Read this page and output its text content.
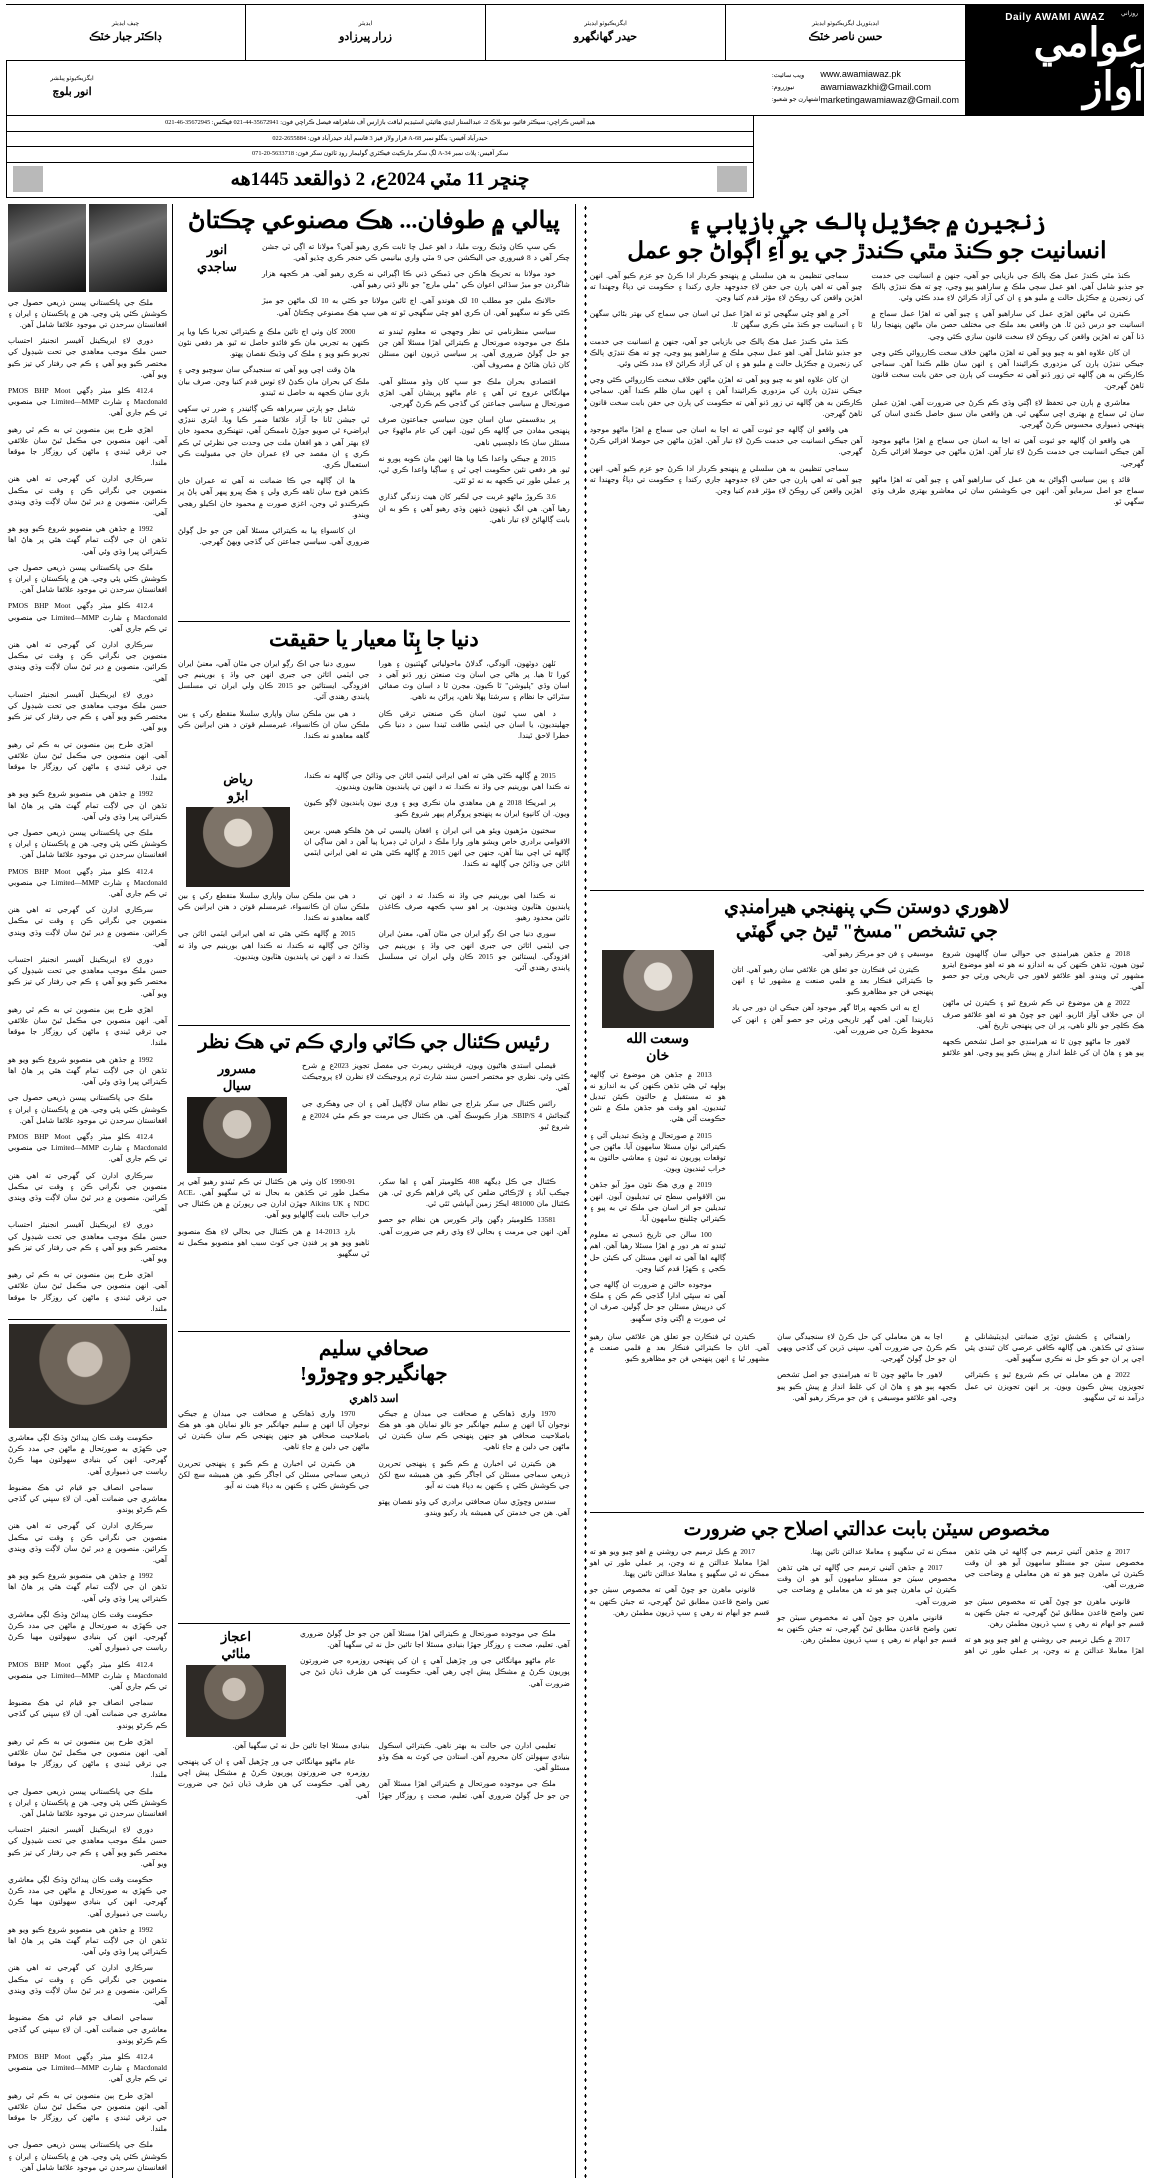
روزاني
Daily AWAMI AWAZ
عوامي آواز
ايڊيٽوريل ايگزيڪيوٽو ايڊيٽر
حسن ناصر خٽڪ
ايگزيڪيوٽو ايڊيٽر
حيدر گهانگهرو
ايڊيٽر
زرار پيرزادو
چيف ايڊيٽر
ڊاڪٽر جبار خٽڪ
www.awamiawaz.pk
awamiawazkhi@Gmail.com
marketingawamiawaz@Gmail.com
ويب سائيٽ:
نيوزروم:
اشتهارن جو شعبو:
ايگزيڪيوٽو پبلشر
انور بلوچ
هيڊ آفيس ڪراچي: سيڪٽر فائيو، نيو بلاڪ 2، عبدالستار ايڊي هائيٽي اسٽيڊيم لياقت بازارس آف شاهراهه فيصل ڪراچي فون: 35672941-44-021 فيڪس: 35672945-46-021
حيدرآباد آفيس: بنگلو نمبر 68-A قرار ولاز فيز 3 قاسم آباد حيدرآباد فون: 2655884-022
سکر آفيس: پلاٽ نمبر 34-A لڳ سکر مارڪيٽ فيڪٽري گوليمار روڊ ٽائون سکر فون: 5633718-20-071
چنڇر 11 مٽي 2024ع، 2 ذوالقعد 1445هه
زنجيرن ۾ جڪڙيل ٻالڪ جي بازيابي ۽
انسانيت جو ڪنڌ مٿي ڪندڙ جي يو آءِ اڳواڻ جو عمل

ڪنڌ مٿي ڪندڙ عمل هڪ ٻالڪ جي بازيابي جو آهي، جنهن ۾ انسانيت جي خدمت جو جذبو شامل آهي. اهو عمل سڄي ملڪ ۾ ساراهيو پيو وڃي، ڇو ته هڪ ننڍڙي ٻالڪ کي زنجيرن ۾ جڪڙيل حالت ۾ مليو هو ۽ ان کي آزاد ڪرائڻ لاءِ مدد ڪئي وئي.

ڪيترن ئي ماڻهن اهڙي عمل کي ساراهيو آهي ۽ چيو آهي ته اهڙا عمل سماج ۾ انسانيت جو درس ڏين ٿا. هن واقعي بعد ملڪ جي مختلف حصن مان ماڻهن پنهنجا رايا ڏنا آهن ته اهڙين واقعن کي روڪڻ لاءِ سخت قانون سازي ڪئي وڃي.

ان کان علاوه اهو به چيو ويو آهي ته اهڙن ماڻهن خلاف سخت ڪارروائي ڪئي وڃي جيڪي ننڍڙن ٻارن کي مزدوري ڪرائيندا آهن ۽ انهن سان ظلم ڪندا آهن. سماجي ڪارڪنن به هن ڳالهه تي زور ڏنو آهي ته حڪومت کي ٻارن جي حقن بابت سخت قانون ٺاهڻ گهرجن.

معاشري ۾ ٻارن جي تحفظ لاءِ اڳتي وڌي ڪم ڪرڻ جي ضرورت آهي. اهڙن عملن سان ئي سماج ۾ بهتري اچي سگهي ٿي. هن واقعي مان سبق حاصل ڪندي اسان کي پنهنجي ذميواري محسوس ڪرڻ گهرجي.

هي واقعو ان ڳالهه جو ثبوت آهي ته اڃا به اسان جي سماج ۾ اهڙا ماڻهو موجود آهن جيڪي انسانيت جي خدمت ڪرڻ لاءِ تيار آهن. اهڙن ماڻهن جي حوصلا افزائي ڪرڻ گهرجي.

قائد ۽ ٻين سياسي اڳواڻن به هن عمل کي ساراهيو آهي ۽ چيو آهي ته اهڙا ماڻهو سماج جو اصل سرمايو آهن. انهن جي ڪوششن سان ئي معاشرو بهتري طرف وڌي سگهي ٿو.

سماجي تنظيمن به هن سلسلي ۾ پنهنجو ڪردار ادا ڪرڻ جو عزم ڪيو آهي. انهن چيو آهي ته اهي ٻارن جي حقن لاءِ جدوجهد جاري رکندا ۽ حڪومت تي دٻاءُ وجهندا ته اهڙين واقعن کي روڪڻ لاءِ مؤثر قدم کنيا وڃن.

آخر ۾ اهو چئي سگهجي ٿو ته اهڙا عمل ئي اسان جي سماج کي بهتر بڻائي سگهن ٿا ۽ انسانيت جو ڪنڌ مٿي ڪري سگهن ٿا.

ڪنڌ مٿي ڪندڙ عمل هڪ ٻالڪ جي بازيابي جو آهي، جنهن ۾ انسانيت جي خدمت جو جذبو شامل آهي. اهو عمل سڄي ملڪ ۾ ساراهيو پيو وڃي، ڇو ته هڪ ننڍڙي ٻالڪ کي زنجيرن ۾ جڪڙيل حالت ۾ مليو هو ۽ ان کي آزاد ڪرائڻ لاءِ مدد ڪئي وئي.

ان کان علاوه اهو به چيو ويو آهي ته اهڙن ماڻهن خلاف سخت ڪارروائي ڪئي وڃي جيڪي ننڍڙن ٻارن کي مزدوري ڪرائيندا آهن ۽ انهن سان ظلم ڪندا آهن. سماجي ڪارڪنن به هن ڳالهه تي زور ڏنو آهي ته حڪومت کي ٻارن جي حقن بابت سخت قانون ٺاهڻ گهرجن.

هي واقعو ان ڳالهه جو ثبوت آهي ته اڃا به اسان جي سماج ۾ اهڙا ماڻهو موجود آهن جيڪي انسانيت جي خدمت ڪرڻ لاءِ تيار آهن. اهڙن ماڻهن جي حوصلا افزائي ڪرڻ گهرجي.

سماجي تنظيمن به هن سلسلي ۾ پنهنجو ڪردار ادا ڪرڻ جو عزم ڪيو آهي. انهن چيو آهي ته اهي ٻارن جي حقن لاءِ جدوجهد جاري رکندا ۽ حڪومت تي دٻاءُ وجهندا ته اهڙين واقعن کي روڪڻ لاءِ مؤثر قدم کنيا وڃن.

لاهوري دوستن ڪي پنهنجي هيرامنڊي
جي تشخص "مسخ" ٿيڻ جي گهٽي

2018 ۾ جڏهن هيرامنڊي جي حوالي سان ڳالهيون شروع ٿيون هيون، تڏهن ڪنهن کي به اندازو نه هو ته اهو موضوع ايترو مشهور ٿي ويندو. اهو علائقو لاهور جي تاريخي ورثي جو حصو آهي.

2022 ۾ هن موضوع تي ڪم شروع ٿيو ۽ ڪيترن ئي ماڻهن ان جي خلاف آواز اٿاريو. انهن جو چوڻ هو ته اهو علائقو صرف هڪ ڪلچر جو نالو ناهي، پر ان جي پنهنجي تاريخ آهي.

لاهور جا ماڻهو چون ٿا ته هيرامنڊي جو اصل تشخص ڪجهه ٻيو هو ۽ هاڻ ان کي غلط انداز ۾ پيش ڪيو پيو وڃي. اهو علائقو موسيقي ۽ فن جو مرڪز رهيو آهي.

ڪيترن ئي فنڪارن جو تعلق هن علائقي سان رهيو آهي. اتان جا ڪيترائي فنڪار بعد ۾ فلمي صنعت ۾ مشهور ٿيا ۽ انهن پنهنجي فن جو مظاهرو ڪيو.

اڄ به اتي ڪجهه پراڻا گهر موجود آهن جيڪي ان دور جي ياد ڏياريندا آهن. اهي گهر تاريخي ورثي جو حصو آهن ۽ انهن کي محفوظ ڪرڻ جي ضرورت آهي.

وسعت الله
خان

2013 ۾ جڏهن هن موضوع تي ڳالهه ٻولهه ٿي هئي تڏهن ڪنهن کي به اندازو نه هو ته مستقبل ۾ حالتون ڪيئن تبديل ٿينديون. اهو وقت هو جڏهن ملڪ ۾ نئين حڪومت آئي هئي.

2015 ۾ صورتحال ۾ وڌيڪ تبديلي آئي ۽ ڪيترائي نوان مسئلا سامهون آيا. ماڻهن جي توقعات پوريون نه ٿيون ۽ معاشي حالتون به خراب ٿينديون ويون.

2019 ۾ وري هڪ نئون موڙ آيو جڏهن بين الاقوامي سطح تي تبديليون آيون. انهن تبديلين جو اثر اسان جي ملڪ تي به پيو ۽ ڪيترائي چئلينج سامهون آيا.

100 سالن جي تاريخ ڏسجي ته معلوم ٿيندو ته هر دور ۾ اهڙا مسئلا رهيا آهن. اهم ڳالهه اها آهي ته انهن مسئلن کي ڪيئن حل ڪجي ۽ ڪهڙا قدم کنيا وڃن.

موجوده حالتن ۾ ضرورت ان ڳالهه جي آهي ته سڀئي ادارا گڏجي ڪم ڪن ۽ ملڪ کي درپيش مسئلن جو حل ڳولين. صرف ان ئي صورت ۾ اڳتي وڌي سگهبو.

راهنمائي ۽ ڪشش توڙي ضمانتي ايڊيٽيشانلي ۾ سنڌي ٿي ڪڏهن. هي ڳالهه ڪافي عرصي کان ٿيندي پئي اچي پر ان جو ڪو حل نه نڪري سگهيو آهي.

2022 ۾ هن معاملي تي ڪم شروع ٿيو ۽ ڪيترائي تجويزون پيش ڪيون ويون. پر انهن تجويزن تي عمل درآمد نه ٿي سگهيو.

اڃا به هن معاملي کي حل ڪرڻ لاءِ سنجيدگي سان ڪم ڪرڻ جي ضرورت آهي. سڀني ڌرين کي گڏجي ويهي ان جو حل ڳولڻ گهرجي.

لاهور جا ماڻهو چون ٿا ته هيرامنڊي جو اصل تشخص ڪجهه ٻيو هو ۽ هاڻ ان کي غلط انداز ۾ پيش ڪيو پيو وڃي. اهو علائقو موسيقي ۽ فن جو مرڪز رهيو آهي.

ڪيترن ئي فنڪارن جو تعلق هن علائقي سان رهيو آهي. اتان جا ڪيترائي فنڪار بعد ۾ فلمي صنعت ۾ مشهور ٿيا ۽ انهن پنهنجي فن جو مظاهرو ڪيو.

مخصوص سيٽن بابت عدالتي اصلاح جي ضرورت

2017 ۾ جڏهن آئيني ترميم جي ڳالهه ٿي هئي تڏهن مخصوص سيٽن جو مسئلو سامهون آيو هو. ان وقت ڪيترن ئي ماهرن چيو هو ته هن معاملي ۾ وضاحت جي ضرورت آهي.

قانوني ماهرن جو چوڻ آهي ته مخصوص سيٽن جو تعين واضح قاعدن مطابق ٿيڻ گهرجي، ته جيئن ڪنهن به قسم جو ابهام نه رهي ۽ سڀ ڌريون مطمئن رهن.

2017 ۾ ڪيل ترميم جي روشني ۾ اهو چيو ويو هو ته اهڙا معاملا عدالتن ۾ نه وڃن، پر عملي طور تي اهو ممڪن نه ٿي سگهيو ۽ معاملا عدالتن تائين پهتا.

2017 ۾ جڏهن آئيني ترميم جي ڳالهه ٿي هئي تڏهن مخصوص سيٽن جو مسئلو سامهون آيو هو. ان وقت ڪيترن ئي ماهرن چيو هو ته هن معاملي ۾ وضاحت جي ضرورت آهي.

قانوني ماهرن جو چوڻ آهي ته مخصوص سيٽن جو تعين واضح قاعدن مطابق ٿيڻ گهرجي، ته جيئن ڪنهن به قسم جو ابهام نه رهي ۽ سڀ ڌريون مطمئن رهن.

2017 ۾ ڪيل ترميم جي روشني ۾ اهو چيو ويو هو ته اهڙا معاملا عدالتن ۾ نه وڃن، پر عملي طور تي اهو ممڪن نه ٿي سگهيو ۽ معاملا عدالتن تائين پهتا.

قانوني ماهرن جو چوڻ آهي ته مخصوص سيٽن جو تعين واضح قاعدن مطابق ٿيڻ گهرجي، ته جيئن ڪنهن به قسم جو ابهام نه رهي ۽ سڀ ڌريون مطمئن رهن.

پيالي ۾ طوفان... هڪ مصنوعي چڪتاڻ

ڪي سڀ ڪان وڏيڪ روت مليا، د اهو عمل چا ثابت ڪري رهيو آهي؟ مولانا ته اڳي ٽي جشن چڪر آهي د 8 فيبروري جي اليڪشن جي 9 مٽي واري بيانيمي ڪي خنجر ڪري چڏيو آهي.

خود مولانا به تحريڪ هاڪن جي ڌمڪي ڏني ڪا اڳيرائي نه ڪري رهيو آهي. هر ڪجهه هزار شاگردن جو ميڙ سڏائي اعوان ڪي "ملي مارچ" جو نالو ڏني رهيو آهي.

حالانڪ ملين جو مطلب 10 لک هوندو آهي. اڄ ٿائين مولانا جو ڪٿي به 10 لک ماڻهن جو ميڙ ڪٿي ڪو نه سگهيو آهي. ان ڪري اهو چئي سگهجي ٿو ته هي سڀ هڪ مصنوعي چڪتاڻ آهي.

انور
ساجدي

سياسي منظرنامي تي نظر وجهجي ته معلوم ٿيندو ته ملڪ جي موجوده صورتحال ۾ ڪيترائي اهڙا مسئلا آهن جن جو حل ڳولڻ ضروري آهي. پر سياسي ڌريون انهن مسئلن کان ڌيان هٽائڻ ۾ مصروف آهن.

اقتصادي بحران ملڪ جو سڀ کان وڏو مسئلو آهي. مهانگائي عروج تي آهي ۽ عام ماڻهو پريشان آهي. اهڙي صورتحال ۾ سياسي جماعتن کي گڏجي ڪم ڪرڻ گهرجي.

پر بدقسمتي سان اسان جون سياسي جماعتون صرف پنهنجي مفادن جي ڳالهه ڪن ٿيون. انهن کي عام ماڻهوءَ جي مسئلن سان ڪا دلچسپي ناهي.

2015 ۾ جيڪي واعدا ڪيا ويا هئا انهن مان ڪوبه پورو نه ٿيو. هر دفعي نئين حڪومت اچي ٿي ۽ ساڳيا واعدا ڪري ٿي، پر عملي طور تي ڪجهه به نه ٿو ٿئي.

3.6 ڪروڙ ماڻهو غربت جي لڪير کان هيٺ زندگي گذاري رهيا آهن. هي انگ ڏينهون ڏينهن وڌي رهيو آهي ۽ ڪو به ان بابت ڳالهائڻ لاءِ تيار ناهي.

2000 کان وٺي اڄ تائين ملڪ ۾ ڪيترائي تجربا ڪيا ويا پر ڪنهن به تجربي مان ڪو فائدو حاصل نه ٿيو. هر دفعي نئون تجربو ڪيو ويو ۽ ملڪ کي وڌيڪ نقصان پهتو.

هاڻ وقت اچي ويو آهي ته سنجيدگي سان سوچيو وڃي ۽ ملڪ کي بحران مان ڪڍڻ لاءِ ٺوس قدم کنيا وڃن. صرف بيان بازي سان ڪجهه به حاصل نه ٿيندو.

شامل جو ٻارتي سربراهه ڪي ڳائيندر ۽ ضرر تي سکهي ٿي جيشن ٿانا جا آزاد علائقا ضمر ڪيا ويا. ايٽري ننڍڙي اپراضيء ٿي صويو جوڙڻ ناممڪن آهي، تنهنڪري محمود خان لاءِ بهتر آهي د هو افغان ملت جي وحدت جي نظرئي ٿي ڪم ڪري ۽ ان مقصد جي لاءِ عمران خان جي مقبوليت ڪي استعمال ڪري.

ها ان ڳالهه جي ڪا ضمانت نه آهي ته عمران خان ڪڏهن فوج سان ٺاهه ڪري ولي ۽ هڪ ڀيرو ڀيهر آهي ٻاڻ پر ڪيرڪندو ٿي وجن، اغزي صورت ۾ محمود خان اڪيلو رهجي ويندو.

ان کانسواءِ ٻيا به ڪيترائي مسئلا آهن جن جو حل ڳولڻ ضروري آهي. سياسي جماعتن کي گڏجي ويهڻ گهرجي.

دنيا جا ٻِٽا معيار يا حقيقت

ٽلهن دوٽهون، آلودگي، گدلاڻ ماحولياتي گهٽتيون ۽ هورا کورا ٿا هيا. پر هاڻي جي اسان وٽ صنعتن زور ڏنو آهي د اسان وڏي "پليوشن" ٿا ڪيون. مجرن ٿا د اسان وٽ صفائي سٿرائي جا نظام ۽ سرشتا پهلا ناهن، پراڻن به ناهي.

د اهي سڀ ٿيون اسان ڪي صنعتي ترقي ڪان جهلينديون، يا اسان جي ايٽمي طاقت ٿيندا سين د دنيا ڪي خطرا لاحق ٿيندا.

سوري دنيا جي اڪ رڳو ايران جي مٿان آهي، معنيٰ ايران جي ايٽمي اثاثن جي جبري انهن جي واڌ ۽ بورينيم جي افزودگي. ايستائين جو 2015 ڪان ولي ايران تي مسلسل پابندي رهندي آئي.

د هي بين ملڪن سان واپاري سلسلا منقطع رکي ۽ بين ملڪن سان ان ڪانسواء، غيرمسلم قوتن د هنن ايرانين ڪي گاهه معاهدو نه ڪندا.

2015 ۾ ڳالهه ڪٿي هئي ته اهي ايراني ايٽمي اثاثن جي وڌائڻ جي ڳالهه نه ڪندا، نه ڪندا اهي بورينيم جي واڌ نه ڪندا. ته د انهن تي پابنديون هٽايون وينديون.

پر امريڪا 2018 ۾ هن معاهدي مان نڪري ويو ۽ وري نيون پابنديون لاڳو ڪيون ويون. ان کانپوءِ ايران به پنهنجو پروگرام ٻيهر شروع ڪيو.

سختيون مڙهيون ويئو هي اني ايران ۽ افغان ٻاليسي ٿي هڻ هلڪو هيس. بربين الاقوامي برادري خاص ويشو هاور وارا ملڪ د ايران ٿي ڊمريا پيا آهن د اهن ساڳي ان ڳالهه ٿي اچي بيٺا آهن، جنهن جي انهن 2015 ۾ ڳالهه ڪٿي هئي ته اهي ايراني ايٽمي اثاثن جي وڌائڻ جي ڳالهه نه ڪندا.

رياض
ابڙو

نه ڪندا اهي بورينيم جي واڌ نه ڪندا. ته د انهن تي پابنديون هٽايون وينديون. پر اهو سڀ ڪجهه صرف ڪاغذن تائين محدود رهيو.

سوري دنيا جي اڪ رڳو ايران جي مٿان آهي، معنيٰ ايران جي ايٽمي اثاثن جي جبري انهن جي واڌ ۽ بورينيم جي افزودگي. ايستائين جو 2015 ڪان ولي ايران تي مسلسل پابندي رهندي آئي.

د هي بين ملڪن سان واپاري سلسلا منقطع رکي ۽ بين ملڪن سان ان ڪانسواء، غيرمسلم قوتن د هنن ايرانين ڪي گاهه معاهدو نه ڪندا.

2015 ۾ ڳالهه ڪٿي هئي ته اهي ايراني ايٽمي اثاثن جي وڌائڻ جي ڳالهه نه ڪندا، نه ڪندا اهي بورينيم جي واڌ نه ڪندا. ته د انهن تي پابنديون هٽايون وينديون.

رئيس ڪئنال جي ڪاٽي واري ڪم تي هڪ نظر

قيصلي استدي هاڻيون ويون، قريشني ريمرٽ جي مفصل تجويز 2023ع ۾ شرح ڪئي وئي. نظري جو مختصر احسن سند شارٽ ٽرم پروجيڪٽ لاءِ نظرن لاءِ پروجيڪٽ آهي.

رائس ڪئنال جي سکر بئراج جي نظام سان لاڳاپيل آهي ۽ ان جي وهڪري جي گنجائش 4 SBIP/S. هزار ڪيوسڪ آهي. هن ڪئنال جي مرمت جو ڪم مئي 2024ع ۾ شروع ٿيو.

مسرور
سيال

ڪئنال جي ڪل ڊيگهه 408 ڪلوميٽر آهي ۽ اها سکر، جيڪب آباد ۽ لاڙڪاڻي ضلعن کي پاڻي فراهم ڪري ٿي. هن ڪئنال مان 481000 ايڪڙ زمين آبپاشي ٿئي ٿي.

13581 ڪلوميٽر ڊگهن واٽر ڪورس هن نظام جو حصو آهن. انهن جي مرمت ۽ بحالي لاءِ وڏي رقم جي ضرورت آهي.

1990-91 کان وٺي هن ڪئنال تي ڪم ٿيندو رهيو آهي پر مڪمل طور تي ڪڏهن به بحال نه ٿي سگهيو آهي. ACE، NDC ۽ Aikins UK جهڙن ادارن جي رپورٽن ۾ هن ڪئنال جي خراب حالت بابت ڳالهايو ويو آهي.

بارڊ 2013-14 ۾ هن ڪئنال جي بحالي لاءِ هڪ منصوبو ٺاهيو ويو هو پر فنڊن جي کوٽ سبب اهو منصوبو مڪمل نه ٿي سگهيو.

صحافي سليم
جهانگيرجو وڇوڙو!
اسد ڌاهري

1970 واري ڏهاڪي ۾ صحافت جي ميدان ۾ جيڪي نوجوان آيا انهن ۾ سليم جهانگير جو نالو نمايان هو. هو هڪ باصلاحيت صحافي هو جنهن پنهنجي ڪم سان ڪيترن ئي ماڻهن جي دلين ۾ جاءِ ٺاهي.

هن ڪيترن ئي اخبارن ۾ ڪم ڪيو ۽ پنهنجي تحريرن ذريعي سماجي مسئلن کي اجاگر ڪيو. هن هميشه سچ لکڻ جي ڪوشش ڪئي ۽ ڪنهن به دٻاءَ هيٺ نه آيو.

سندس وڇوڙي سان صحافتي برادري کي وڏو نقصان پهتو آهي. هن جي خدمتن کي هميشه ياد رکيو ويندو.

1970 واري ڏهاڪي ۾ صحافت جي ميدان ۾ جيڪي نوجوان آيا انهن ۾ سليم جهانگير جو نالو نمايان هو. هو هڪ باصلاحيت صحافي هو جنهن پنهنجي ڪم سان ڪيترن ئي ماڻهن جي دلين ۾ جاءِ ٺاهي.

هن ڪيترن ئي اخبارن ۾ ڪم ڪيو ۽ پنهنجي تحريرن ذريعي سماجي مسئلن کي اجاگر ڪيو. هن هميشه سچ لکڻ جي ڪوشش ڪئي ۽ ڪنهن به دٻاءَ هيٺ نه آيو.

ملڪ جي موجوده صورتحال ۾ ڪيترائي اهڙا مسئلا آهن جن جو حل ڳولڻ ضروري آهي. تعليم، صحت ۽ روزگار جهڙا بنيادي مسئلا اڃا تائين حل نه ٿي سگهيا آهن.

عام ماڻهو مهانگائي جي ور چڙهيل آهي ۽ ان کي پنهنجي روزمره جي ضرورتون پوريون ڪرڻ ۾ مشڪل پيش اچي رهي آهي. حڪومت کي هن طرف ڌيان ڏيڻ جي ضرورت آهي.

اعجاز
منٰائي

تعليمي ادارن جي حالت به بهتر ناهي. ڪيترائي اسڪول بنيادي سهولتن کان محروم آهن. استادن جي کوٽ به هڪ وڏو مسئلو آهي.

ملڪ جي موجوده صورتحال ۾ ڪيترائي اهڙا مسئلا آهن جن جو حل ڳولڻ ضروري آهي. تعليم، صحت ۽ روزگار جهڙا بنيادي مسئلا اڃا تائين حل نه ٿي سگهيا آهن.

عام ماڻهو مهانگائي جي ور چڙهيل آهي ۽ ان کي پنهنجي روزمره جي ضرورتون پوريون ڪرڻ ۾ مشڪل پيش اچي رهي آهي. حڪومت کي هن طرف ڌيان ڏيڻ جي ضرورت آهي.

ملڪ جي پاڪستاني پيسن ذريعي حصول جي ڪوشش ڪئي پئي وڃي. هن ۾ پاڪستان ۽ ايران ۽ افغانستان سرحدن تي موجود علائقا شامل آهن.

دوري لاءِ ايريڪينل آفيسر انجنيئر احتساب حسن ملڪ موجب معاهدي جي تحت شيڊول کي مختصر ڪيو ويو آهي ۽ ڪم جي رفتار کي تيز ڪيو ويو آهي.

412.4 ڪلو ميٽر ڊگهي PMOS BHP Moot Macdonald ۽ شارٽ Limited—MMP جي منصوبي تي ڪم جاري آهي.

اهڙي طرح ٻين منصوبن تي به ڪم ٿي رهيو آهي. انهن منصوبن جي مڪمل ٿيڻ سان علائقي جي ترقي ٿيندي ۽ ماڻهن کي روزگار جا موقعا ملندا.

سرڪاري ادارن کي گهرجي ته اهي هنن منصوبن جي نگراني ڪن ۽ وقت تي مڪمل ڪرائين. منصوبن ۾ دير ٿيڻ سان لاڳت وڌي ويندي آهي.

1992 ۾ جڏهن هي منصوبو شروع ڪيو ويو هو تڏهن ان جي لاڳت تمام گهٽ هئي پر هاڻ اها ڪيترائي ڀيرا وڌي وئي آهي.

ملڪ جي پاڪستاني پيسن ذريعي حصول جي ڪوشش ڪئي پئي وڃي. هن ۾ پاڪستان ۽ ايران ۽ افغانستان سرحدن تي موجود علائقا شامل آهن.

412.4 ڪلو ميٽر ڊگهي PMOS BHP Moot Macdonald ۽ شارٽ Limited—MMP جي منصوبي تي ڪم جاري آهي.

سرڪاري ادارن کي گهرجي ته اهي هنن منصوبن جي نگراني ڪن ۽ وقت تي مڪمل ڪرائين. منصوبن ۾ دير ٿيڻ سان لاڳت وڌي ويندي آهي.

دوري لاءِ ايريڪينل آفيسر انجنيئر احتساب حسن ملڪ موجب معاهدي جي تحت شيڊول کي مختصر ڪيو ويو آهي ۽ ڪم جي رفتار کي تيز ڪيو ويو آهي.

اهڙي طرح ٻين منصوبن تي به ڪم ٿي رهيو آهي. انهن منصوبن جي مڪمل ٿيڻ سان علائقي جي ترقي ٿيندي ۽ ماڻهن کي روزگار جا موقعا ملندا.

1992 ۾ جڏهن هي منصوبو شروع ڪيو ويو هو تڏهن ان جي لاڳت تمام گهٽ هئي پر هاڻ اها ڪيترائي ڀيرا وڌي وئي آهي.

ملڪ جي پاڪستاني پيسن ذريعي حصول جي ڪوشش ڪئي پئي وڃي. هن ۾ پاڪستان ۽ ايران ۽ افغانستان سرحدن تي موجود علائقا شامل آهن.

412.4 ڪلو ميٽر ڊگهي PMOS BHP Moot Macdonald ۽ شارٽ Limited—MMP جي منصوبي تي ڪم جاري آهي.

سرڪاري ادارن کي گهرجي ته اهي هنن منصوبن جي نگراني ڪن ۽ وقت تي مڪمل ڪرائين. منصوبن ۾ دير ٿيڻ سان لاڳت وڌي ويندي آهي.

دوري لاءِ ايريڪينل آفيسر انجنيئر احتساب حسن ملڪ موجب معاهدي جي تحت شيڊول کي مختصر ڪيو ويو آهي ۽ ڪم جي رفتار کي تيز ڪيو ويو آهي.

اهڙي طرح ٻين منصوبن تي به ڪم ٿي رهيو آهي. انهن منصوبن جي مڪمل ٿيڻ سان علائقي جي ترقي ٿيندي ۽ ماڻهن کي روزگار جا موقعا ملندا.

1992 ۾ جڏهن هي منصوبو شروع ڪيو ويو هو تڏهن ان جي لاڳت تمام گهٽ هئي پر هاڻ اها ڪيترائي ڀيرا وڌي وئي آهي.

ملڪ جي پاڪستاني پيسن ذريعي حصول جي ڪوشش ڪئي پئي وڃي. هن ۾ پاڪستان ۽ ايران ۽ افغانستان سرحدن تي موجود علائقا شامل آهن.

412.4 ڪلو ميٽر ڊگهي PMOS BHP Moot Macdonald ۽ شارٽ Limited—MMP جي منصوبي تي ڪم جاري آهي.

سرڪاري ادارن کي گهرجي ته اهي هنن منصوبن جي نگراني ڪن ۽ وقت تي مڪمل ڪرائين. منصوبن ۾ دير ٿيڻ سان لاڳت وڌي ويندي آهي.

دوري لاءِ ايريڪينل آفيسر انجنيئر احتساب حسن ملڪ موجب معاهدي جي تحت شيڊول کي مختصر ڪيو ويو آهي ۽ ڪم جي رفتار کي تيز ڪيو ويو آهي.

اهڙي طرح ٻين منصوبن تي به ڪم ٿي رهيو آهي. انهن منصوبن جي مڪمل ٿيڻ سان علائقي جي ترقي ٿيندي ۽ ماڻهن کي روزگار جا موقعا ملندا.

حڪومت وقت ڪان پيدائڻ وڌڪ لڳي معاشري جي ڪهڙي به صورتحال ۾ ماڻهن جي مدد ڪرڻ گهرجي. انهن کي بنيادي سهولتون مهيا ڪرڻ رياست جي ذميواري آهي.

سماجي انصاف جو قيام ئي هڪ مضبوط معاشري جي ضمانت آهي. ان لاءِ سڀني کي گڏجي ڪم ڪرڻو پوندو.

سرڪاري ادارن کي گهرجي ته اهي هنن منصوبن جي نگراني ڪن ۽ وقت تي مڪمل ڪرائين. منصوبن ۾ دير ٿيڻ سان لاڳت وڌي ويندي آهي.

1992 ۾ جڏهن هي منصوبو شروع ڪيو ويو هو تڏهن ان جي لاڳت تمام گهٽ هئي پر هاڻ اها ڪيترائي ڀيرا وڌي وئي آهي.

حڪومت وقت ڪان پيدائڻ وڌڪ لڳي معاشري جي ڪهڙي به صورتحال ۾ ماڻهن جي مدد ڪرڻ گهرجي. انهن کي بنيادي سهولتون مهيا ڪرڻ رياست جي ذميواري آهي.

412.4 ڪلو ميٽر ڊگهي PMOS BHP Moot Macdonald ۽ شارٽ Limited—MMP جي منصوبي تي ڪم جاري آهي.

سماجي انصاف جو قيام ئي هڪ مضبوط معاشري جي ضمانت آهي. ان لاءِ سڀني کي گڏجي ڪم ڪرڻو پوندو.

اهڙي طرح ٻين منصوبن تي به ڪم ٿي رهيو آهي. انهن منصوبن جي مڪمل ٿيڻ سان علائقي جي ترقي ٿيندي ۽ ماڻهن کي روزگار جا موقعا ملندا.

ملڪ جي پاڪستاني پيسن ذريعي حصول جي ڪوشش ڪئي پئي وڃي. هن ۾ پاڪستان ۽ ايران ۽ افغانستان سرحدن تي موجود علائقا شامل آهن.

دوري لاءِ ايريڪينل آفيسر انجنيئر احتساب حسن ملڪ موجب معاهدي جي تحت شيڊول کي مختصر ڪيو ويو آهي ۽ ڪم جي رفتار کي تيز ڪيو ويو آهي.

حڪومت وقت ڪان پيدائڻ وڌڪ لڳي معاشري جي ڪهڙي به صورتحال ۾ ماڻهن جي مدد ڪرڻ گهرجي. انهن کي بنيادي سهولتون مهيا ڪرڻ رياست جي ذميواري آهي.

1992 ۾ جڏهن هي منصوبو شروع ڪيو ويو هو تڏهن ان جي لاڳت تمام گهٽ هئي پر هاڻ اها ڪيترائي ڀيرا وڌي وئي آهي.

سرڪاري ادارن کي گهرجي ته اهي هنن منصوبن جي نگراني ڪن ۽ وقت تي مڪمل ڪرائين. منصوبن ۾ دير ٿيڻ سان لاڳت وڌي ويندي آهي.

سماجي انصاف جو قيام ئي هڪ مضبوط معاشري جي ضمانت آهي. ان لاءِ سڀني کي گڏجي ڪم ڪرڻو پوندو.

412.4 ڪلو ميٽر ڊگهي PMOS BHP Moot Macdonald ۽ شارٽ Limited—MMP جي منصوبي تي ڪم جاري آهي.

اهڙي طرح ٻين منصوبن تي به ڪم ٿي رهيو آهي. انهن منصوبن جي مڪمل ٿيڻ سان علائقي جي ترقي ٿيندي ۽ ماڻهن کي روزگار جا موقعا ملندا.

ملڪ جي پاڪستاني پيسن ذريعي حصول جي ڪوشش ڪئي پئي وڃي. هن ۾ پاڪستان ۽ ايران ۽ افغانستان سرحدن تي موجود علائقا شامل آهن.
